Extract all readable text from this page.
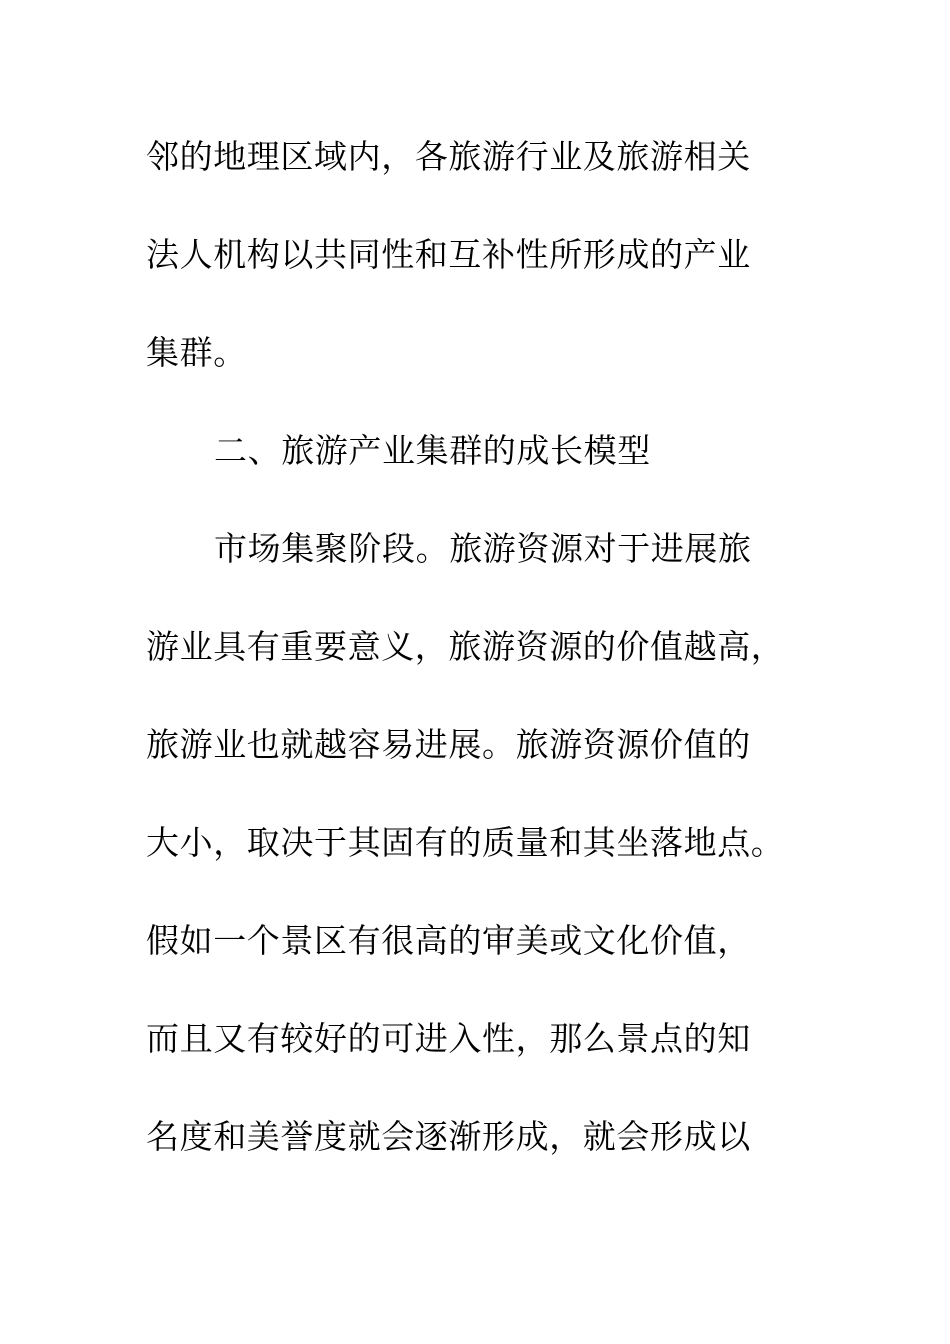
邻的地理区域内，各旅游行业及旅游相关
法人机构以共同性和互补性所形成的产业
集群。
二、旅游产业集群的成长模型
市场集聚阶段。旅游资源对于进展旅
游业具有重要意义，旅游资源的价值越高，
旅游业也就越容易进展。旅游资源价值的
大小，取决于其固有的质量和其坐落地点。
假如一个景区有很高的审美或文化价值，
而且又有较好的可进入性，那么景点的知
名度和美誉度就会逐渐形成，就会形成以
